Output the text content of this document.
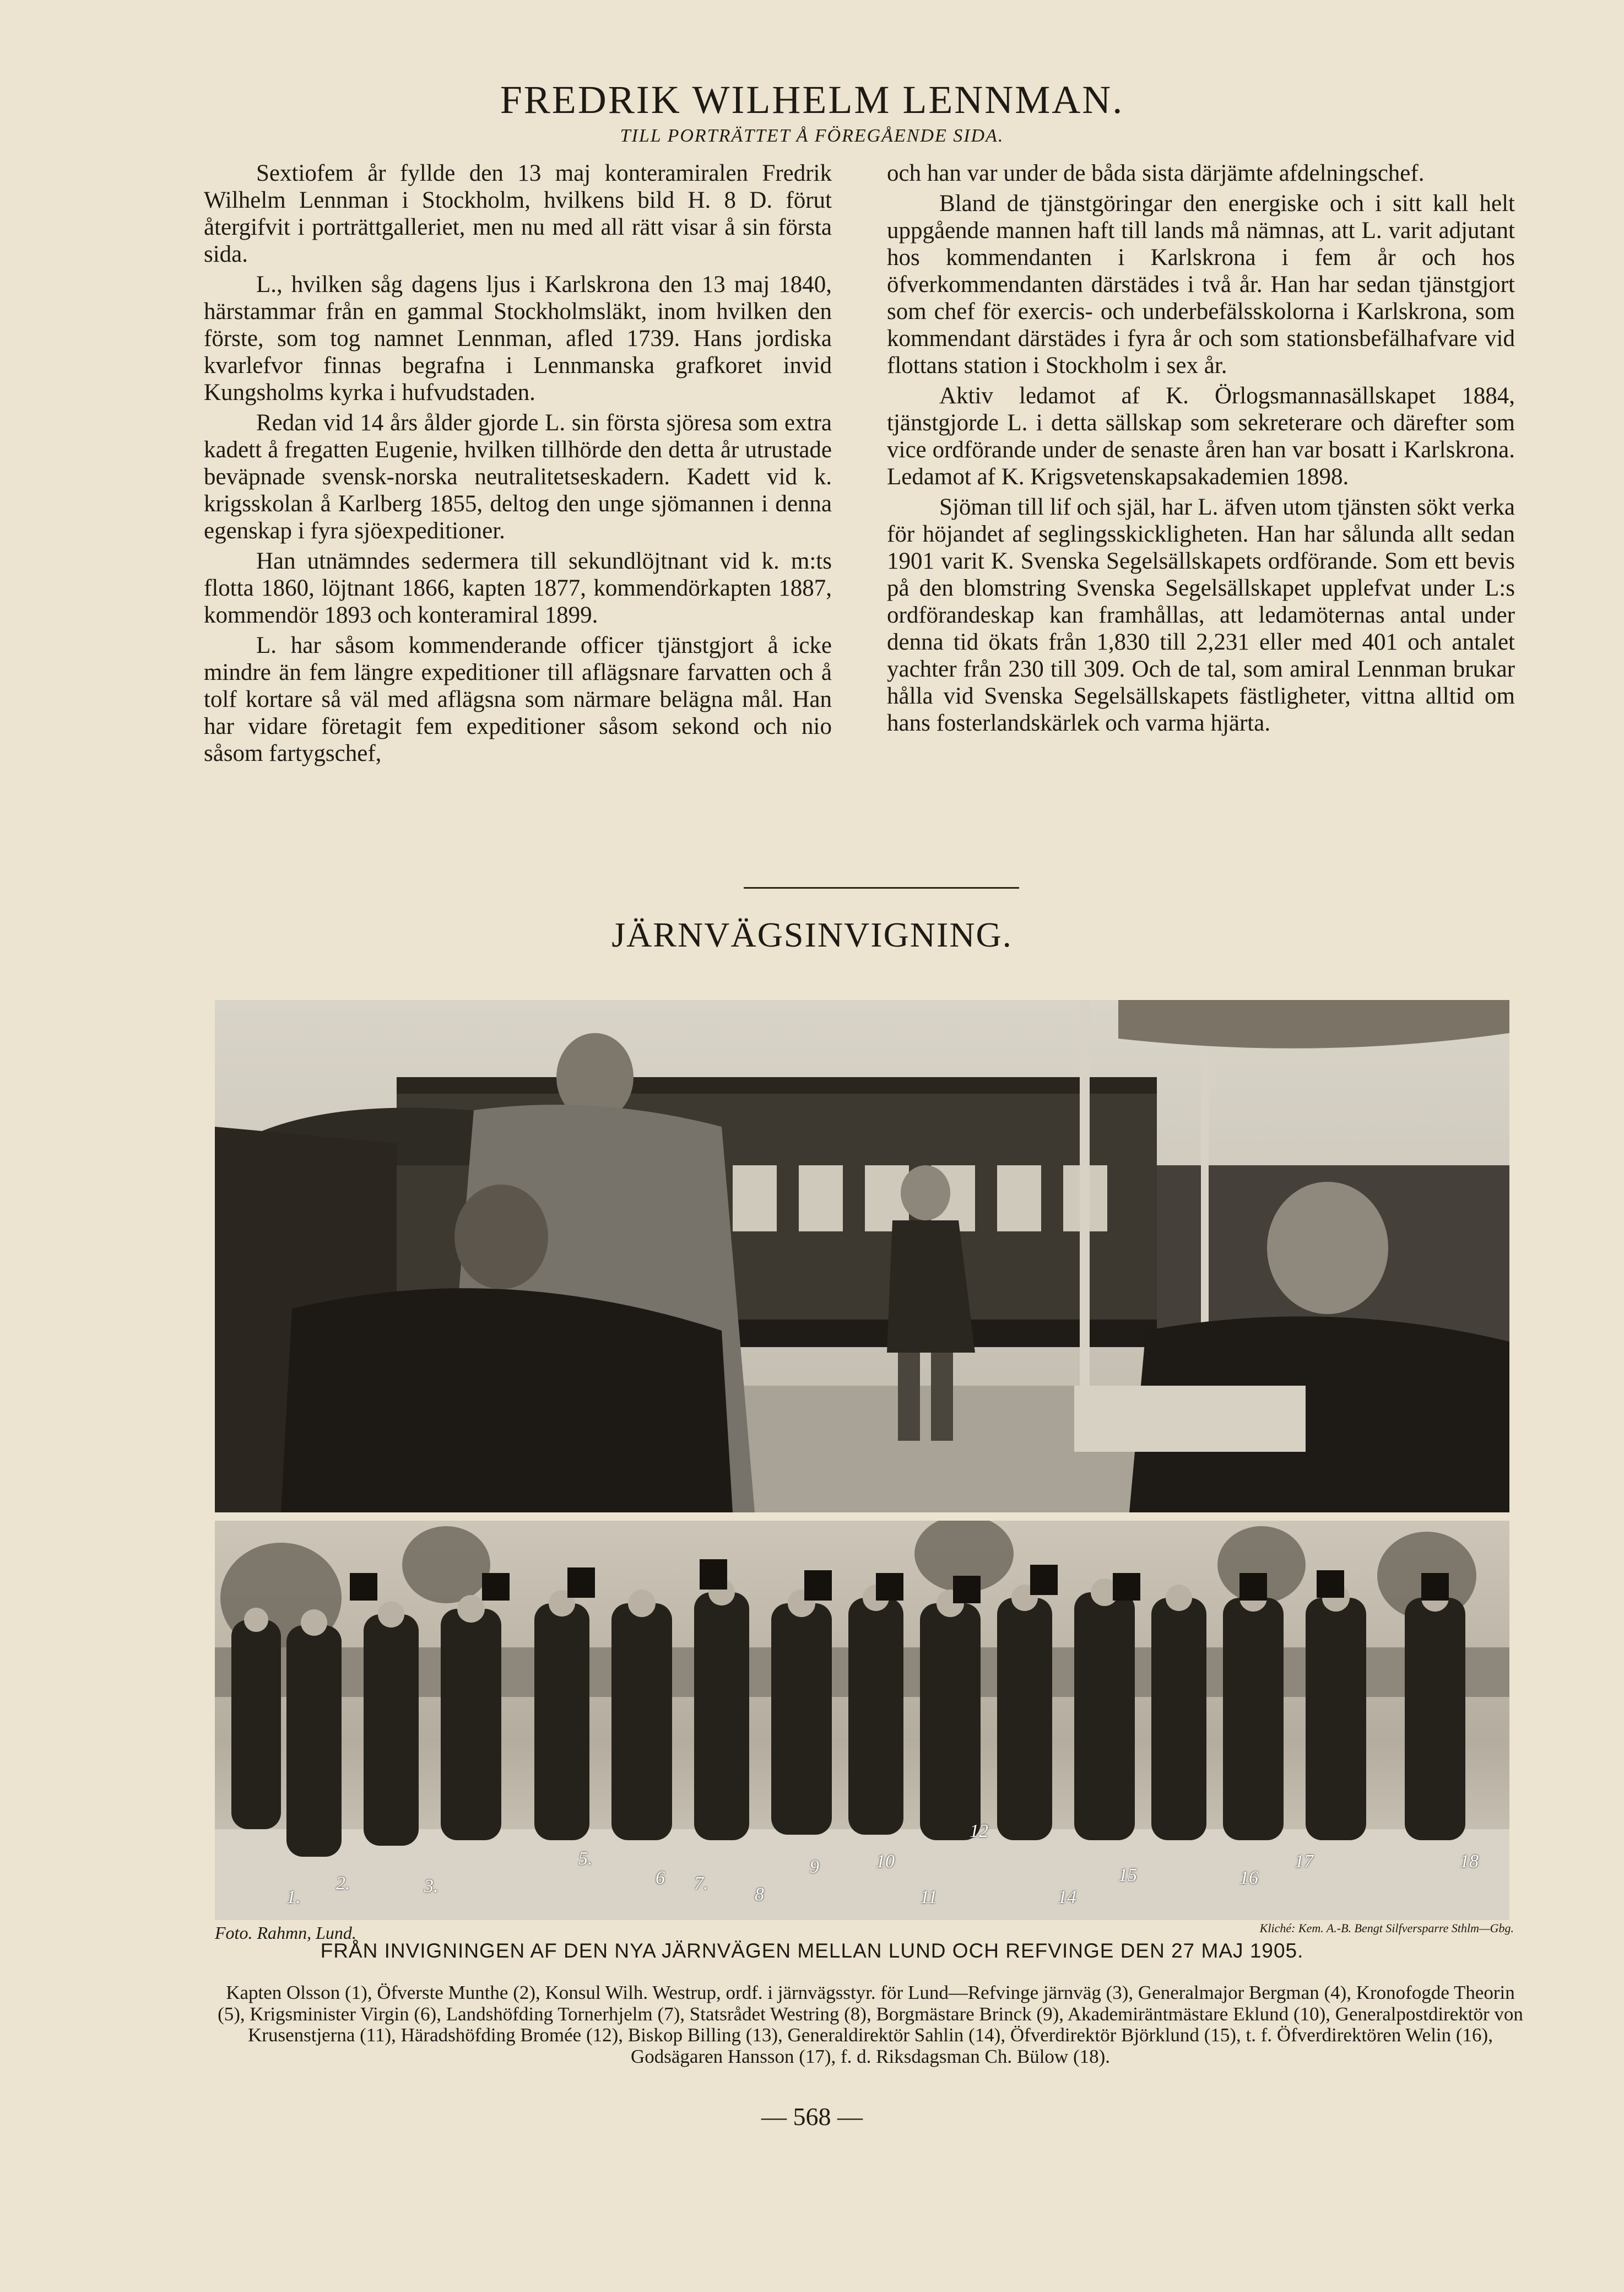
FREDRIK WILHELM LENNMAN.
TILL PORTRÄTTET Å FÖREGÅENDE SIDA.

Sextiofem år fyllde den 13 maj konteramiralen Fredrik Wilhelm Lennman i Stockholm, hvilkens bild H. 8 D. förut återgifvit i porträttgalleriet, men nu med all rätt visar å sin första sida.

L., hvilken såg dagens ljus i Karlskrona den 13 maj 1840, härstammar från en gammal Stockholmsläkt, inom hvilken den förste, som tog namnet Lennman, afled 1739. Hans jordiska kvarlefvor finnas begrafna i Lennmanska grafkoret invid Kungsholms kyrka i hufvudstaden.

Redan vid 14 års ålder gjorde L. sin första sjöresa som extra kadett å fregatten Eugenie, hvilken tillhörde den detta år utrustade beväpnade svensk-norska neutralitetseskadern. Kadett vid k. krigsskolan å Karlberg 1855, deltog den unge sjömannen i denna egenskap i fyra sjöexpeditioner.

Han utnämndes sedermera till sekundlöjtnant vid k. m:ts flotta 1860, löjtnant 1866, kapten 1877, kommendörkapten 1887, kommendör 1893 och konteramiral 1899.

L. har såsom kommenderande officer tjänstgjort å icke mindre än fem längre expeditioner till aflägsnare farvatten och å tolf kortare så väl med aflägsna som närmare belägna mål. Han har vidare företagit fem expeditioner såsom sekond och nio såsom fartygschef,

och han var under de båda sista därjämte afdelningschef.

Bland de tjänstgöringar den energiske och i sitt kall helt uppgående mannen haft till lands må nämnas, att L. varit adjutant hos kommendanten i Karlskrona i fem år och hos öfverkommendanten därstädes i två år. Han har sedan tjänstgjort som chef för exercis- och underbefälsskolorna i Karlskrona, som kommendant därstädes i fyra år och som stationsbefälhafvare vid flottans station i Stockholm i sex år.

Aktiv ledamot af K. Örlogsmannasällskapet 1884, tjänstgjorde L. i detta sällskap som sekreterare och därefter som vice ordförande under de senaste åren han var bosatt i Karlskrona. Ledamot af K. Krigsvetenskapsakademien 1898.

Sjöman till lif och själ, har L. äfven utom tjänsten sökt verka för höjandet af seglingsskickligheten. Han har sålunda allt sedan 1901 varit K. Svenska Segelsällskapets ordförande. Som ett bevis på den blomstring Svenska Segelsällskapet upplefvat under L:s ordförandeskap kan framhållas, att ledamöternas antal under denna tid ökats från 1,830 till 2,231 eller med 401 och antalet yachter från 230 till 309. Och de tal, som amiral Lennman brukar hålla vid Svenska Segelsällskapets fästligheter, vittna alltid om hans fosterlandskärlek och varma hjärta.

JÄRNVÄGSINVIGNING.
1.
2.	3.
5.
6 7.
8
9	10
11
12
14
15	16
17	18
Foto. Rahmn, Lund.	Kliché: Kem. A.-B. Bengt Silfversparre Sthlm—Gbg.
FRÅN INVIGNINGEN AF DEN NYA JÄRNVÄGEN MELLAN LUND OCH REFVINGE DEN 27 MAJ 1905.
Kapten Olsson (1), Öfverste Munthe (2), Konsul Wilh. Westrup, ordf. i järnvägsstyr. för Lund—Refvinge järnväg (3), Generalmajor Bergman (4), Kronofogde Theorin (5), Krigsminister Virgin (6), Landshöfding Tornerhjelm (7), Statsrådet Westring (8), Borgmästare Brinck (9), Akademiräntmästare Eklund (10), Generalpostdirektör von Krusenstjerna (11), Häradshöfding Bromée (12), Biskop Billing (13), Generaldirektör Sahlin (14), Öfverdirektör Björklund (15), t. f. Öfverdirektören Welin (16), Godsägaren Hansson (17), f. d. Riksdagsman Ch. Bülow (18).
— 568 —
